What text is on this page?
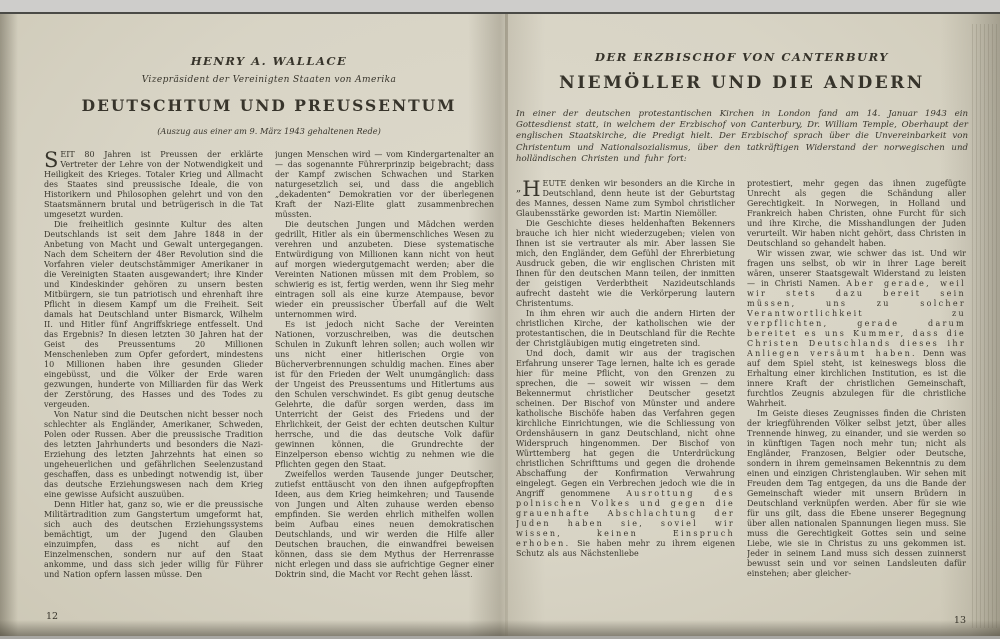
HENRY A. WALLACE
Vizepräsident der Vereinigten Staaten von Amerika
DEUTSCHTUM UND PREUSSENTUM
(Auszug aus einer am 9. März 1943 gehaltenen Rede)

SEIT 80 Jahren ist Preussen der erklärte Vertreter der Lehre von der Notwendigkeit und Heiligkeit des Krieges. Totaler Krieg und Allmacht des Staates sind preussische Ideale, die von Historikern und Philosophen gelehrt und von den Staatsmännern brutal und betrügerisch in die Tat umgesetzt wurden.

Die freiheitlich gesinnte Kultur des alten Deutschlands ist seit dem Jahre 1848 in der Anbetung von Macht und Gewalt untergegangen. Nach dem Scheitern der 48er Revolution sind die Vorfahren vieler deutschstämmiger Amerikaner in die Vereinigten Staaten ausgewandert; ihre Kinder und Kindeskinder gehören zu unsern besten Mitbürgern, sie tun patriotisch und ehrenhaft ihre Pflicht in diesem Kampf um die Freiheit. Seit damals hat Deutschland unter Bismarck, Wilhelm II. und Hitler fünf Angriffskriege entfesselt. Und das Ergebnis? In diesen letzten 30 Jahren hat der Geist des Preussentums 20 Millionen Menschenleben zum Opfer gefordert, mindestens 10 Millionen haben ihre gesunden Glieder eingebüsst, und die Völker der Erde waren gezwungen, hunderte von Milliarden für das Werk der Zerstörung, des Hasses und des Todes zu vergeuden.

Von Natur sind die Deutschen nicht besser noch schlechter als Engländer, Amerikaner, Schweden, Polen oder Russen. Aber die preussische Tradition des letzten Jahrhunderts und besonders die Nazi-Erziehung des letzten Jahrzehnts hat einen so ungeheuerlichen und gefährlichen Seelenzustand geschaffen, dass es unbedingt notwendig ist, über das deutsche Erziehungswesen nach dem Krieg eine gewisse Aufsicht auszuüben.

Denn Hitler hat, ganz so, wie er die preussische Militärtradition zum Gangstertum umgeformt hat, sich auch des deutschen Erziehungssystems bemächtigt, um der Jugend den Glauben einzuimpfen, dass es nicht auf den Einzelmenschen, sondern nur auf den Staat ankomme, und dass sich jeder willig für Führer und Nation opfern lassen müsse. Den

jungen Menschen wird — vom Kindergartenalter an — das sogenannte Führerprinzip beigebracht; dass der Kampf zwischen Schwachen und Starken naturgesetzlich sei, und dass die angeblich „dekadenten“ Demokratien vor der überlegenen Kraft der Nazi-Elite glatt zusammenbrechen müssten.

Die deutschen Jungen und Mädchen werden gedrillt, Hitler als ein übermenschliches Wesen zu verehren und anzubeten. Diese systematische Entwürdigung von Millionen kann nicht von heut auf morgen wiedergutgemacht werden; aber die Vereinten Nationen müssen mit dem Problem, so schwierig es ist, fertig werden, wenn ihr Sieg mehr eintragen soll als eine kurze Atempause, bevor wieder ein preussischer Überfall auf die Welt unternommen wird.

Es ist jedoch nicht Sache der Vereinten Nationen, vorzuschreiben, was die deutschen Schulen in Zukunft lehren sollen; auch wollen wir uns nicht einer hitlerischen Orgie von Bücherverbrennungen schuldig machen. Eines aber ist für den Frieden der Welt unumgänglich: dass der Ungeist des Preussentums und Hitlertums aus den Schulen verschwindet. Es gibt genug deutsche Gelehrte, die dafür sorgen werden, dass im Unterricht der Geist des Friedens und der Ehrlichkeit, der Geist der echten deutschen Kultur herrsche, und die das deutsche Volk dafür gewinnen können, die Grundrechte der Einzelperson ebenso wichtig zu nehmen wie die Pflichten gegen den Staat.

Zweifellos werden Tausende junger Deutscher, zutiefst enttäuscht von den ihnen aufgepfropften Ideen, aus dem Krieg heimkehren; und Tausende von Jungen und Alten zuhause werden ebenso empfinden. Sie werden ehrlich mithelfen wollen beim Aufbau eines neuen demokratischen Deutschlands, und wir werden die Hilfe aller Deutschen brauchen, die einwandfrei beweisen können, dass sie dem Mythus der Herrenrasse nicht erlegen und dass sie aufrichtige Gegner einer Doktrin sind, die Macht vor Recht gehen lässt.

12
DER ERZBISCHOF VON CANTERBURY
NIEMÖLLER UND DIE ANDERN
In einer der deutschen protestantischen Kirchen in London fand am 14. Januar 1943 ein Gottesdienst statt, in welchem der Erzbischof von Canterbury, Dr. William Temple, Oberhaupt der englischen Staatskirche, die Predigt hielt. Der Erzbischof sprach über die Unvereinbarkeit von Christentum und Nationalsozialismus, über den tatkräftigen Widerstand der norwegischen und holländischen Christen und fuhr fort:

„ H EUTE denken wir besonders an die Kirche in Deutschland, denn heute ist der Geburtstag des Mannes, dessen Name zum Symbol christlicher Glaubensstärke geworden ist: Martin Niemöller.

Die Geschichte dieses heldenhaften Bekenners brauche ich hier nicht wiederzugeben; vielen von Ihnen ist sie vertrauter als mir. Aber lassen Sie mich, den Engländer, dem Gefühl der Ehrerbietung Ausdruck geben, die wir englischen Christen mit Ihnen für den deutschen Mann teilen, der inmitten der geistigen Verderbtheit Nazideutschlands aufrecht dasteht wie die Verkörperung lautern Christentums.

In ihm ehren wir auch die andern Hirten der christlichen Kirche, der katholischen wie der protestantischen, die in Deutschland für die Rechte der Christgläubigen mutig eingetreten sind.

Und doch, damit wir aus der tragischen Erfahrung unserer Tage lernen, halte ich es gerade hier für meine Pflicht, von den Grenzen zu sprechen, die — soweit wir wissen — dem Bekennermut christlicher Deutscher gesetzt scheinen. Der Bischof von Münster und andere katholische Bischöfe haben das Verfahren gegen kirchliche Einrichtungen, wie die Schliessung von Ordenshäusern in ganz Deutschland, nicht ohne Widerspruch hingenommen. Der Bischof von Württemberg hat gegen die Unterdrückung christlichen Schrifttums und gegen die drohende Abschaffung der Konfirmation Verwahrung eingelegt. Gegen ein Verbrechen jedoch wie die in Angriff genommene Ausrottung des polnischen Volkes und gegen die grauenhafte Abschlachtung der Juden haben sie, soviel wir wissen, keinen Einspruch erhoben. Sie haben mehr zu ihrem eigenen Schutz als aus Nächstenliebe

protestiert, mehr gegen das ihnen zugefügte Unrecht als gegen die Schändung aller Gerechtigkeit. In Norwegen, in Holland und Frankreich haben Christen, ohne Furcht für sich und ihre Kirche, die Misshandlungen der Juden verurteilt. Wir haben nicht gehört, dass Christen in Deutschland so gehandelt haben.

Wir wissen zwar, wie schwer das ist. Und wir fragen uns selbst, ob wir in ihrer Lage bereit wären, unserer Staatsgewalt Widerstand zu leisten — in Christi Namen. Aber gerade, weil wir stets dazu bereit sein müssen, uns zu solcher Verantwortlichkeit zu verpflichten, gerade darum bereitet es uns Kummer, dass die Christen Deutschlands dieses ihr Anliegen versäumt haben. Denn was auf dem Spiel steht, ist keineswegs bloss die Erhaltung einer kirchlichen Institution, es ist die innere Kraft der christlichen Gemeinschaft, furchtlos Zeugnis abzulegen für die christliche Wahrheit.

Im Geiste dieses Zeugnisses finden die Christen der kriegführenden Völker selbst jetzt, über alles Trennende hinweg, zu einander, und sie werden so in künftigen Tagen noch mehr tun; nicht als Engländer, Franzosen, Belgier oder Deutsche, sondern in ihrem gemeinsamen Bekenntnis zu dem einen und einzigen Christenglauben. Wir sehen mit Freuden dem Tag entgegen, da uns die Bande der Gemeinschaft wieder mit unsern Brüdern in Deutschland verknüpfen werden. Aber für sie wie für uns gilt, dass die Ebene unserer Begegnung über allen nationalen Spannungen liegen muss. Sie muss die Gerechtigkeit Gottes sein und seine Liebe, wie sie in Christus zu uns gekommen ist. Jeder in seinem Land muss sich dessen zuinnerst bewusst sein und vor seinen Landsleuten dafür einstehen; aber gleicher-

13
